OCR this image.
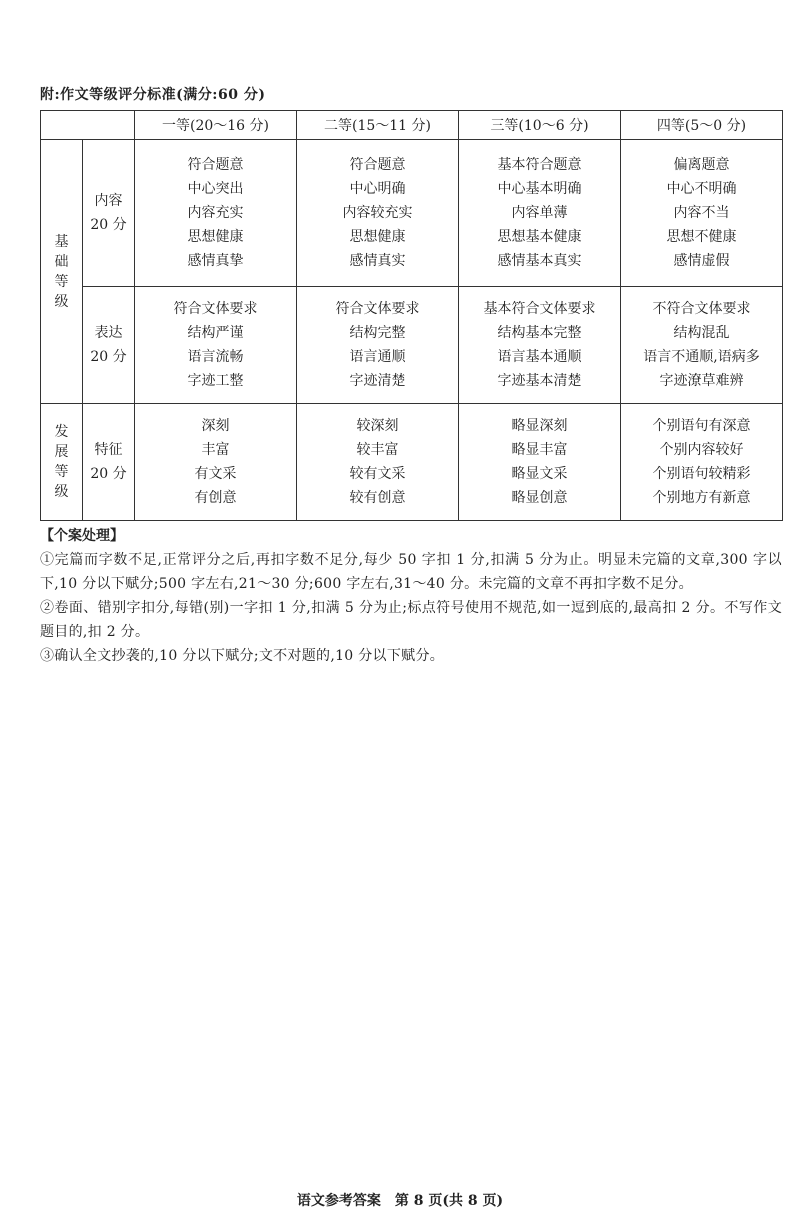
附:作文等级评分标准(满分:60 分)
		一等(20～16 分)	二等(15～11 分)	三等(10～6 分)	四等(5～0 分)

基
础
等
级	内容
20 分	符合题意
中心突出
内容充实
思想健康
感情真挚	符合题意
中心明确
内容较充实
思想健康
感情真实	基本符合题意
中心基本明确
内容单薄
思想基本健康
感情基本真实	偏离题意
中心不明确
内容不当
思想不健康
感情虚假

	表达
20 分	符合文体要求
结构严谨
语言流畅
字迹工整	符合文体要求
结构完整
语言通顺
字迹清楚	基本符合文体要求
结构基本完整
语言基本通顺
字迹基本清楚	不符合文体要求
结构混乱
语言不通顺,语病多
字迹潦草难辨

发
展
等
级	特征
20 分	深刻
丰富
有文采
有创意	较深刻
较丰富
较有文采
较有创意	略显深刻
略显丰富
略显文采
略显创意	个别语句有深意
个别内容较好
个别语句较精彩
个别地方有新意
【个案处理】
①完篇而字数不足,正常评分之后,再扣字数不足分,每少 50 字扣 1 分,扣满 5 分为止。明显未完篇的文章,300 字以下,10 分以下赋分;500 字左右,21～30 分;600 字左右,31～40 分。未完篇的文章不再扣字数不足分。
②卷面、错别字扣分,每错(别)一字扣 1 分,扣满 5 分为止;标点符号使用不规范,如一逗到底的,最高扣 2 分。不写作文题目的,扣 2 分。
③确认全文抄袭的,10 分以下赋分;文不对题的,10 分以下赋分。
语文参考答案　第 8 页(共 8 页)
